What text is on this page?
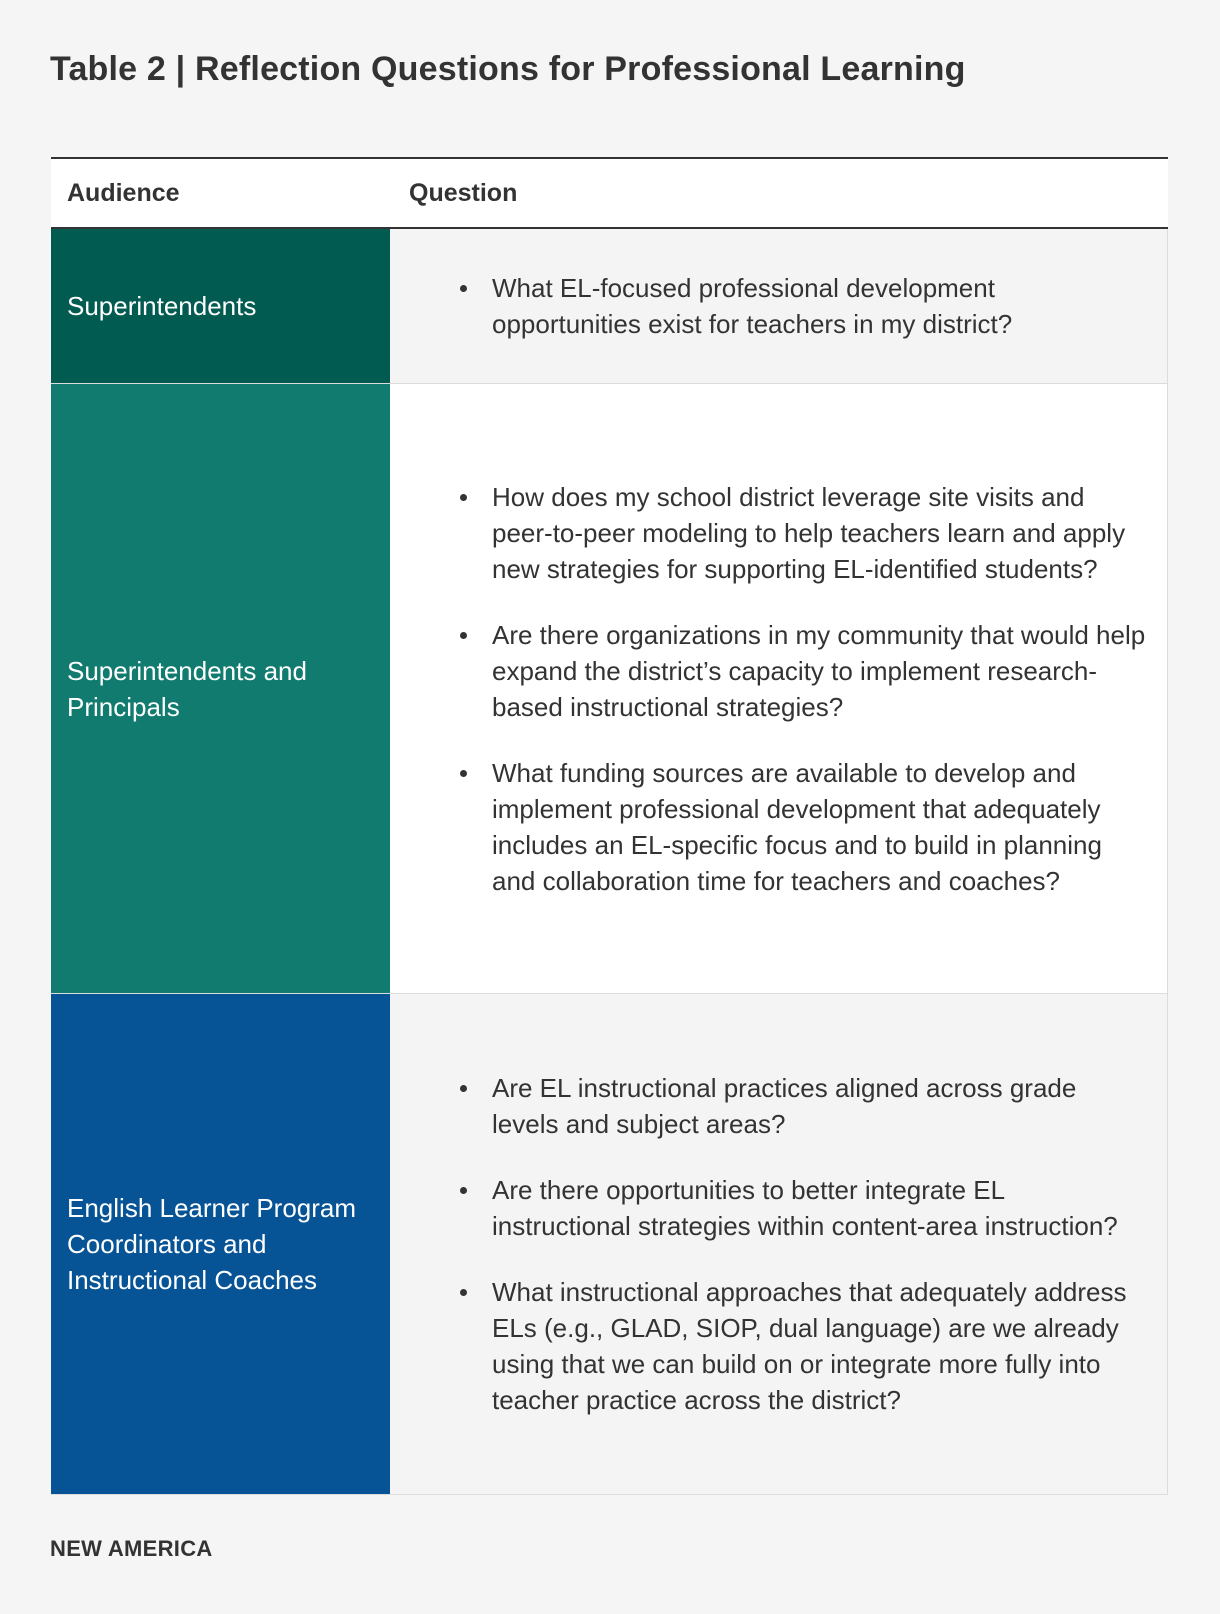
Table 2 | Reflection Questions for Professional Learning
Audience	Question
Superintendents
What EL-focused professional development opportunities exist for teachers in my district?
Superintendents and Principals
How does my school district leverage site visits and peer-to-peer modeling to help teachers learn and apply new strategies for supporting EL-identified students?
Are there organizations in my community that would help expand the district’s capacity to implement research-based instructional strategies?
What funding sources are available to develop and implement professional development that adequately includes an EL-specific focus and to build in planning and collaboration time for teachers and coaches?
English Learner Program Coordinators and Instructional Coaches
Are EL instructional practices aligned across grade levels and subject areas?
Are there opportunities to better integrate EL instructional strategies within content-area instruction?
What instructional approaches that adequately address ELs (e.g., GLAD, SIOP, dual language) are we already using that we can build on or integrate more fully into teacher practice across the district?
NEW AMERICA
